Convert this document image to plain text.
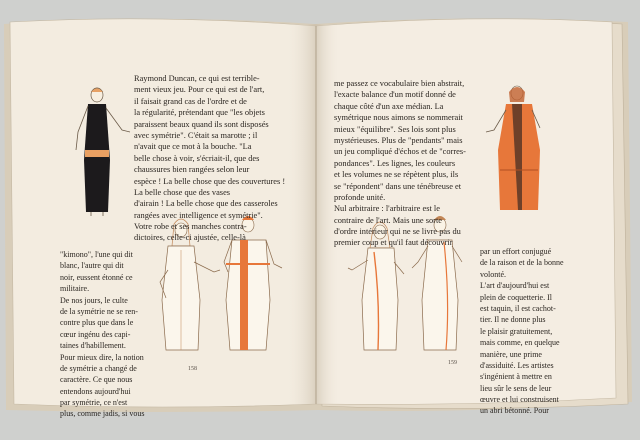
Raymond Duncan, ce qui est terrible-
ment vieux jeu. Pour ce qui est de l'art,
il faisait grand cas de l'ordre et de
la régularité, prétendant que "les objets
paraissent beaux quand ils sont disposés
avec symétrie". C'était sa marotte ; il
n'avait que ce mot à la bouche. "La
belle chose à voir, s'écriait-il, que des
chaussures bien rangées selon leur
espèce ! La belle chose que des couvertures !
La belle chose que des vases
d'airain ! La belle chose que des casseroles
rangées avec intelligence et symétrie".
Votre robe et ses manches contra-
dictoires, celle-ci ajustée, celle-là
"kimono", l'une qui dit
blanc, l'autre qui dit
noir, eussent étonné ce
militaire.
De nos jours, le culte
de la symétrie ne se ren-
contre plus que dans le
cœur ingénu des capi-
taines d'habillement.
Pour mieux dire, la notion
de symétrie a changé de
caractère. Ce que nous
entendons aujourd'hui
par symétrie, ce n'est
plus, comme jadis, si vous
me passez ce vocabulaire bien abstrait,
l'exacte balance d'un motif donné de
chaque côté d'un axe médian. La
symétrique nous aimons se nommerait
mieux "équilibre". Ses lois sont plus
mystérieuses. Plus de "pendants" mais
un jeu compliqué d'échos et de "corres-
pondances". Les lignes, les couleurs
et les volumes ne se répètent plus, ils
se "répondent" dans une ténébreuse et
profonde unité.
Nul arbitraire : l'arbitraire est le
contraire de l'art. Mais une sorte
d'ordre intérieur qui ne se livre pas du
premier coup et qu'il faut découvrir
par un effort conjugué
de la raison et de la bonne
volonté.
L'art d'aujourd'hui est
plein de coquetterie. Il
est taquin, il est cachot-
tier. Il ne donne plus
le plaisir gratuitement,
mais comme, en quelque
manière, une prime
d'assiduité. Les artistes
s'ingénient à mettre en
lieu sûr le sens de leur
œuvre et lui construisent
un abri bétonné. Pour
158
159
